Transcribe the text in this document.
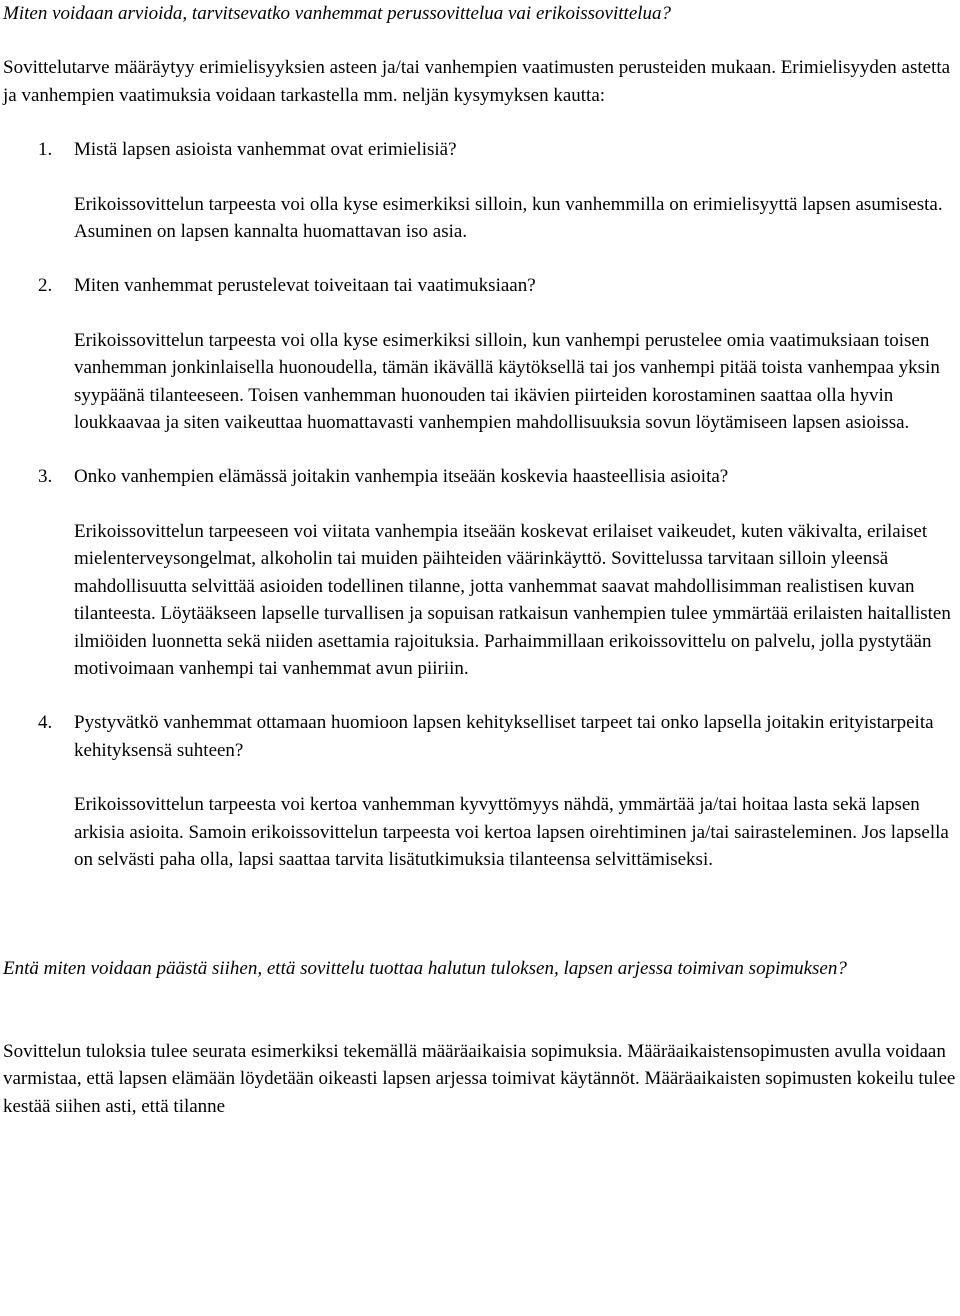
Miten voidaan arvioida, tarvitsevatko vanhemmat perussovittelua vai erikoissovittelua?

Sovittelutarve määräytyy erimielisyyksien asteen ja/tai vanhempien vaatimusten perusteiden mukaan. Erimielisyyden astetta ja vanhempien vaatimuksia voidaan tarkastella mm. neljän kysymyksen kautta:

1. Mistä lapsen asioista vanhemmat ovat erimielisiä?

Erikoissovittelun tarpeesta voi olla kyse esimerkiksi silloin, kun vanhemmilla on erimielisyyttä lapsen asumisesta. Asuminen on lapsen kannalta huomattavan iso asia.

2. Miten vanhemmat perustelevat toiveitaan tai vaatimuksiaan?

Erikoissovittelun tarpeesta voi olla kyse esimerkiksi silloin, kun vanhempi perustelee omia vaatimuksiaan toisen vanhemman jonkinlaisella huonoudella, tämän ikävällä käytöksellä tai jos vanhempi pitää toista vanhempaa yksin syypäänä tilanteeseen. Toisen vanhemman huonouden tai ikävien piirteiden korostaminen saattaa olla hyvin loukkaavaa ja siten vaikeuttaa huomattavasti vanhempien mahdollisuuksia sovun löytämiseen lapsen asioissa.

3. Onko vanhempien elämässä joitakin vanhempia itseään koskevia haasteellisia asioita?

Erikoissovittelun tarpeeseen voi viitata vanhempia itseään koskevat erilaiset vaikeudet, kuten väkivalta, erilaiset mielenterveysongelmat, alkoholin tai muiden päihteiden väärinkäyttö. Sovittelussa tarvitaan silloin yleensä mahdollisuutta selvittää asioiden todellinen tilanne, jotta vanhemmat saavat mahdollisimman realistisen kuvan tilanteesta. Löytääkseen lapselle turvallisen ja sopuisan ratkaisun vanhempien tulee ymmärtää erilaisten haitallisten ilmiöiden luonnetta sekä niiden asettamia rajoituksia. Parhaimmillaan erikoissovittelu on palvelu, jolla pystytään motivoimaan vanhempi tai vanhemmat avun piiriin.

4. Pystyvätkö vanhemmat ottamaan huomioon lapsen kehitykselliset tarpeet tai onko lapsella joitakin erityistarpeita kehityksensä suhteen?

Erikoissovittelun tarpeesta voi kertoa vanhemman kyvyttömyys nähdä, ymmärtää ja/tai hoitaa lasta sekä lapsen arkisia asioita. Samoin erikoissovittelun tarpeesta voi kertoa lapsen oirehtiminen ja/tai sairasteleminen. Jos lapsella on selvästi paha olla, lapsi saattaa tarvita lisätutkimuksia tilanteensa selvittämiseksi.

Entä miten voidaan päästä siihen, että sovittelu tuottaa halutun tuloksen, lapsen arjessa toimivan sopimuksen?

Sovittelun tuloksia tulee seurata esimerkiksi tekemällä määräaikaisia sopimuksia. Määräaikaistensopimusten avulla voidaan varmistaa, että lapsen elämään löydetään oikeasti lapsen arjessa toimivat käytännöt. Määräaikaisten sopimusten kokeilu tulee kestää siihen asti, että tilanne
